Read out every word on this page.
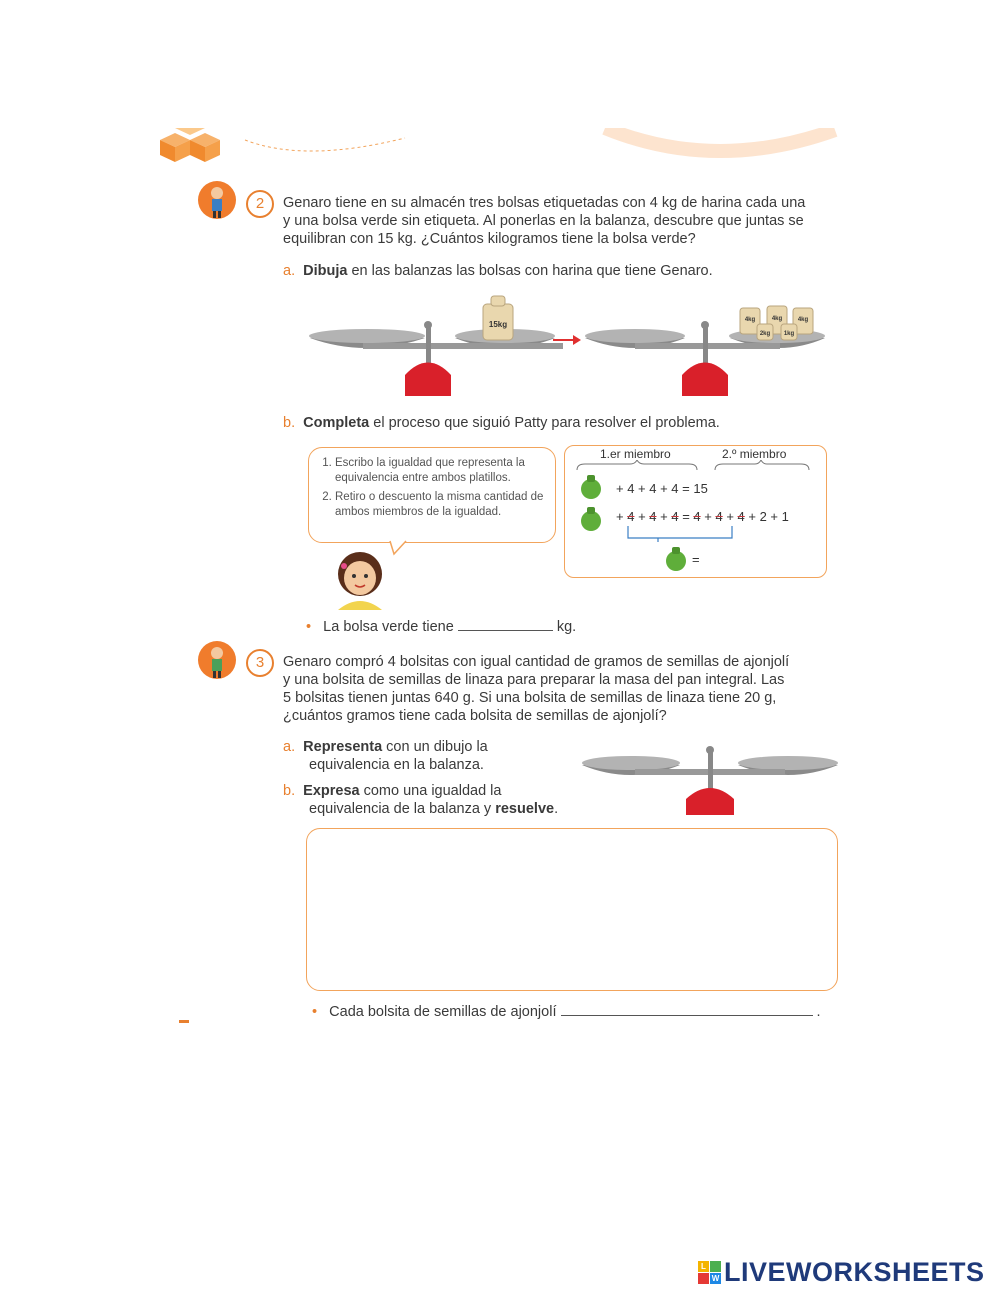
2	Genaro tiene en su almacén tres bolsas etiquetadas con 4 kg de harina cada una
y una bolsa verde sin etiqueta. Al ponerlas en la balanza, descubre que juntas se
equilibran con 15 kg. ¿Cuántos kilogramos tiene la bolsa verde?
a. Dibuja en las balanzas las bolsas con harina que tiene Genaro.
15kg	4kg	4kg	4kg
2kg 1kg
b. Completa el proceso que siguió Patty para resolver el problema.
1. Escribo la igualdad que representa la equivalencia entre ambos platillos.
2. Retiro o descuento la misma cantidad de ambos miembros de la igualdad.
1.er miembro	2.º miembro
+ 4 + 4 + 4 = 15
+ 4 + 4 + 4 = 4 + 4 + 4 + 2 + 1
=
• La bolsa verde tiene	kg.
3	Genaro compró 4 bolsitas con igual cantidad de gramos de semillas de ajonjolí
y una bolsita de semillas de linaza para preparar la masa del pan integral. Las
5 bolsitas tienen juntas 640 g. Si una bolsita de semillas de linaza tiene 20 g,
¿cuántos gramos tiene cada bolsita de semillas de ajonjolí?
a. Representa con un dibujo la
equivalencia en la balanza.
b. Expresa como una igualdad la
equivalencia de la balanza y resuelve.
• Cada bolsita de semillas de ajonjolí	.
L
W LIVEWORKSHEETS
